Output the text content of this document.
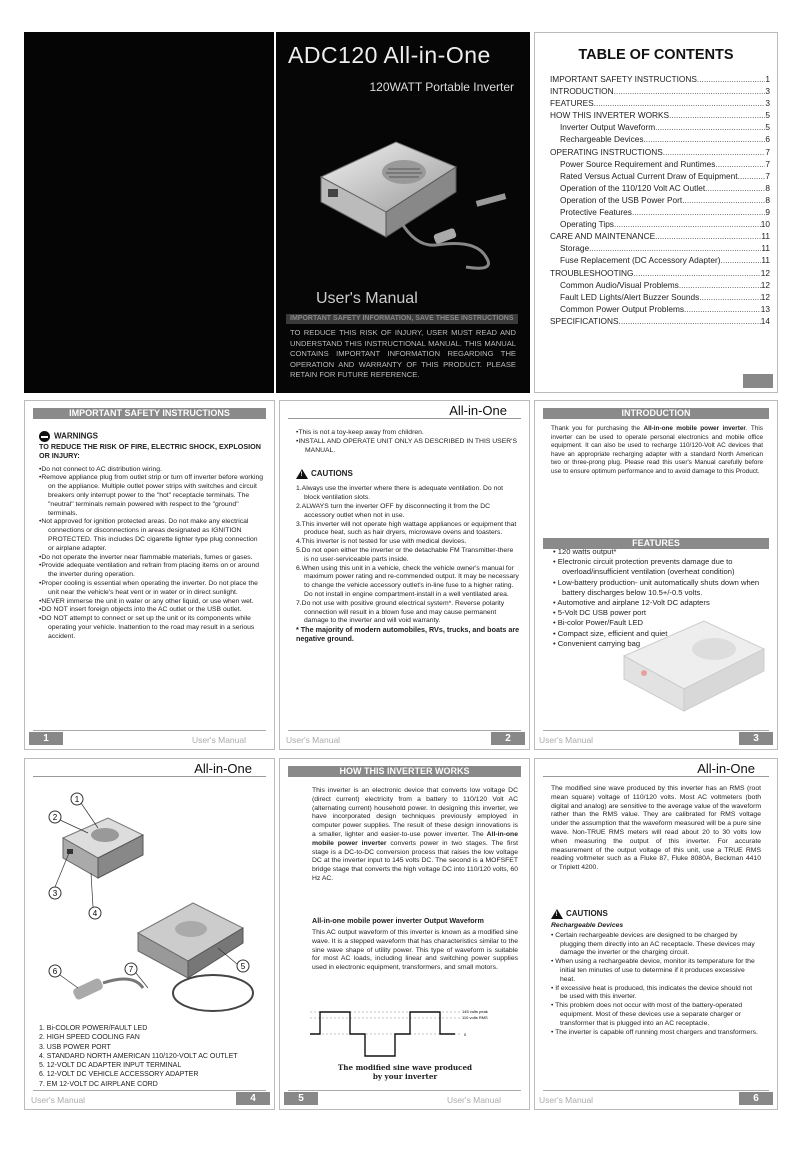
ADC120 All-in-One
120WATT Portable Inverter
User's Manual
IMPORTANT SAFETY INFORMATION, SAVE THESE INSTRUCTIONS
TO REDUCE THIS RISK OF INJURY, USER MUST READ AND UNDERSTAND THIS INSTRUCTIONAL MANUAL. THIS MANUAL CONTAINS IMPORTANT INFORMATION REGARDING THE OPERATION AND WARRANTY OF THIS PRODUCT. PLEASE RETAIN FOR FUTURE REFERENCE.
TABLE OF CONTENTS
IMPORTANT SAFETY INSTRUCTIONS .....	1
INTRODUCTION .....	3
FEATURES .....	3
HOW THIS INVERTER WORKS .....	5
Inverter Output Waveform .....	5
Rechargeable Devices .....	6
OPERATING INSTRUCTIONS .....	7
Power Source Requirement and Runtimes .....	7
Rated Versus Actual Current Draw of Equipment .....	7
Operation of the 110/120 Volt AC Outlet .....	8
Operation of the USB Power Port .....	8
Protective Features .....	9
Operating Tips .....	10
CARE AND MAINTENANCE .....	11
Storage .....	11
Fuse Replacement (DC Accessory Adapter) .....	11
TROUBLESHOOTING .....	12
Common Audio/Visual Problems .....	12
Fault LED Lights/Alert Buzzer Sounds .....	12
Common Power Output Problems .....	13
SPECIFICATIONS .....	14
IMPORTANT SAFETY INSTRUCTIONS
WARNINGS
TO REDUCE THE RISK OF FIRE, ELECTRIC SHOCK, EXPLOSION OR INJURY:
•Do not connect to AC distribution wiring.
•Remove appliance plug from outlet strip or turn off inverter before working on the appliance. Multiple outlet power strips with switches and circuit breakers only interrupt power to the "hot" receptacle terminals. The "neutral" terminals remain powered with respect to the "ground" terminals.
•Not approved for ignition protected areas. Do not make any electrical connections or disconnections in areas designated as IGNITION PROTECTED. This includes DC cigarette lighter type plug connection or airplane adapter.
•Do not operate the inverter near flammable materials, fumes or gases.
•Provide adequate ventilation and refrain from placing items on or around the inverter during operation.
•Proper cooling is essential when operating the inverter. Do not place the unit near the vehicle's heat vent or in water or in direct sunlight.
•NEVER immerse the unit in water or any other liquid, or use when wet.
•DO NOT insert foreign objects into the AC outlet or the USB outlet.
•DO NOT attempt to connect or set up the unit or its components while operating your vehicle. Inattention to the road may result in a serious accident.
1	User's Manual
All-in-One
•This is not a toy-keep away from children.
•INSTALL AND OPERATE UNIT ONLY AS DESCRIBED IN THIS USER'S MANUAL.
!
CAUTIONS
1.Always use the inverter where there is adequate ventilation. Do not block ventilation slots.
2.ALWAYS turn the inverter OFF by disconnecting it from the DC accessory outlet when not in use.
3.This inverter will not operate high wattage appliances or equipment that produce heat, such as hair dryers, microwave ovens and toasters.
4.This inverter is not tested for use with medical devices.
5.Do not open either the inverter or the detachable FM Transmitter-there is no user-serviceable parts inside.
6.When using this unit in a vehicle, check the vehicle owner's manual for maximum power rating and re-commended output. It may be necessary to change the vehicle accessory outlet's in-line fuse to a higher rating. Do not install in engine compartment-install in a well ventilated area.
7.Do not use with positive ground electrical system*. Reverse polarity connection will result in a blown fuse and may cause permanent damage to the inverter and will void warranty.
* The majority of modern automobiles, RVs, trucks, and boats are negative ground.
User's Manual	2
INTRODUCTION
Thank you for purchasing the All-in-one mobile power inverter. This inverter can be used to operate personal electronics and mobile office equipment. It can also be used to recharge 110/120-Volt AC devices that have an appropriate recharging adapter with a standard North American two or three-prong plug. Please read this user's Manual carefully before use to ensure optimum performance and to avoid damage to this Product.
FEATURES
• 120 watts output*
• Electronic circuit protection prevents damage due to overload/insufficient ventilation (overheat condition)
• Low-battery production- unit automatically shuts down when battery discharges below 10.5+/-0.5 volts.
• Automotive and airplane 12-Volt DC adapters
• 5-Volt DC USB power port
• Bi-color Power/Fault LED
• Compact size, efficient and quiet
• Convenient carrying bag
User's Manual	3
All-in-One
1
2
3
4
5
6	7
1. Bi-COLOR POWER/FAULT LED
2. HIGH SPEED COOLING FAN
3. USB POWER PORT
4. STANDARD NORTH AMERICAN 110/120-VOLT AC OUTLET
5. 12-VOLT DC ADAPTER INPUT TERMINAL
6. 12-VOLT DC VEHICLE ACCESSORY ADAPTER
7. EM 12-VOLT DC AIRPLANE CORD
User's Manual	4
HOW THIS INVERTER WORKS
This inverter is an electronic device that converts low voltage DC (direct current) electricity from a battery to 110/120 Volt AC (alternating current) household power. In designing this inverter, we have incorporated design techniques previously employed in computer power supplies. The result of these design innovations is a smaller, lighter and easier-to-use power inverter. The All-in-one mobile power inverter converts power in two stages. The first stage is a DC-to-DC conversion process that raises the low voltage DC at the inverter input to 145 volts DC. The second is a MOFSFET bridge stage that converts the high voltage DC into 110/120 volts, 60 Hz AC.
All-in-one mobile power inverter Output Waveform
This AC output waveform of this inverter is known as a modified sine wave. It is a stepped waveform that has characteristics similar to the sine wave shape of utility power. This type of waveform is suitable for most AC loads, including linear and switching power supplies used in electronic equipment, transformers, and small motors.
145 volts peak
110 volts RMS
0
The modified sine wave produced by your inverter
5	User's Manual
All-in-One
The modified sine wave produced by this inverter has an RMS (root mean square) voltage of 110/120 volts. Most AC voltmeters (both digital and analog) are sensitive to the average value of the waveform rather than the RMS value. They are calibrated for RMS voltage under the assumption that the waveform measured will be a pure sine wave. Non-TRUE RMS meters will read about 20 to 30 volts low when measuring the output of this inverter. For accurate measurement of the output voltage of this unit, use a TRUE RMS reading voltmeter such as a Fluke 87, Fluke 8080A, Beckman 4410 or Triplett 4200.
!
CAUTIONS
Rechargeable Devices
• Certain rechargeable devices are designed to be charged by plugging them directly into an AC receptacle. These devices may damage the inverter or the charging circuit.
• When using a rechargeable device, monitor its temperature for the initial ten minutes of use to determine if it produces excessive heat.
• If excessive heat is produced, this indicates the device should not be used with this inverter.
• This problem does not occur with most of the battery-operated equipment. Most of these devices use a separate charger or transformer that is plugged into an AC receptacle.
• The inverter is capable off running most chargers and transformers.
User's Manual	6
